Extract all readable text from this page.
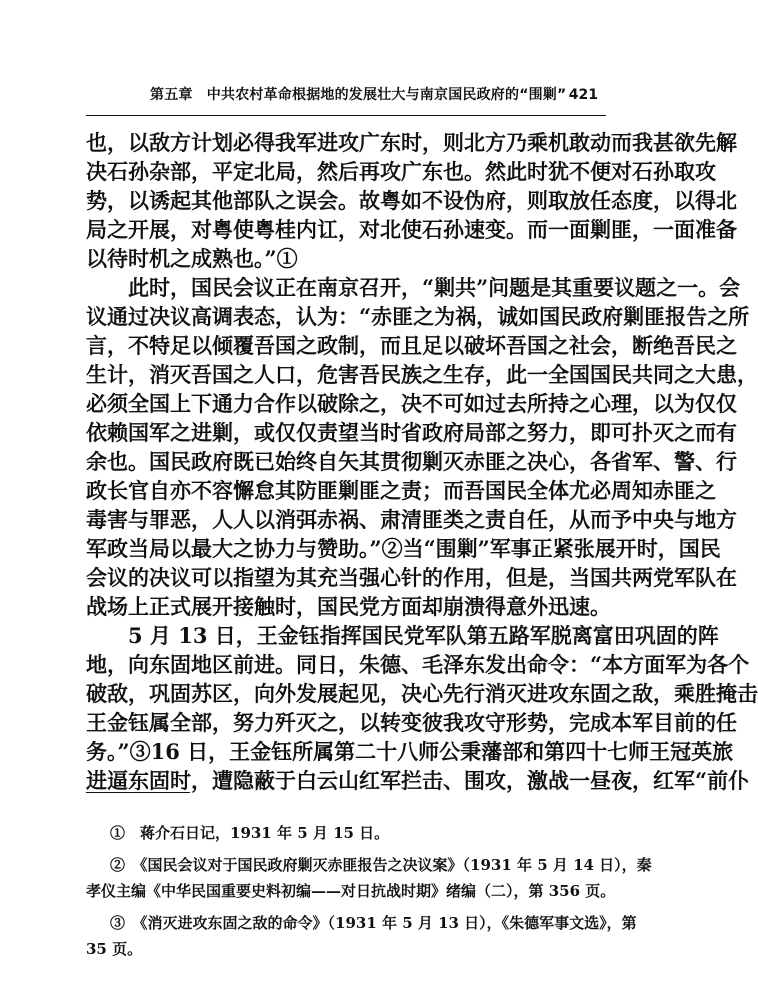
第五章　中共农村革命根据地的发展壮大与南京国民政府的“围剿” 421
也，以敌方计划必得我军进攻广东时，则北方乃乘机敢动而我甚欲先解
决石孙杂部，平定北局，然后再攻广东也。然此时犹不便对石孙取攻
势，以诱起其他部队之误会。故粤如不设伪府，则取放任态度，以得北
局之开展，对粤使粤桂内讧，对北使石孙速变。而一面剿匪，一面准备
以待时机之成熟也。”①
此时，国民会议正在南京召开，“剿共”问题是其重要议题之一。会
议通过决议高调表态，认为：“赤匪之为祸，诚如国民政府剿匪报告之所
言，不特足以倾覆吾国之政制，而且足以破坏吾国之社会，断绝吾民之
生计，消灭吾国之人口，危害吾民族之生存，此一全国国民共同之大患，
必须全国上下通力合作以破除之，决不可如过去所持之心理，以为仅仅
依赖国军之进剿，或仅仅责望当时省政府局部之努力，即可扑灭之而有
余也。国民政府既已始终自矢其贯彻剿灭赤匪之决心，各省军、警、行
政长官自亦不容懈怠其防匪剿匪之责；而吾国民全体尤必周知赤匪之
毒害与罪恶，人人以消弭赤祸、肃清匪类之责自任，从而予中央与地方
军政当局以最大之协力与赞助。”②当“围剿”军事正紧张展开时，国民
会议的决议可以指望为其充当强心针的作用，但是，当国共两党军队在
战场上正式展开接触时，国民党方面却崩溃得意外迅速。
5 月 13 日，王金钰指挥国民党军队第五路军脱离富田巩固的阵
地，向东固地区前进。同日，朱德、毛泽东发出命令：“本方面军为各个
破敌，巩固苏区，向外发展起见，决心先行消灭进攻东固之敌，乘胜掩击
王金钰属全部，努力歼灭之，以转变彼我攻守形势，完成本军目前的任
务。”③16 日，王金钰所属第二十八师公秉藩部和第四十七师王冠英旅
进逼东固时，遭隐蔽于白云山红军拦击、围攻，激战一昼夜，红军“前仆
①　蒋介石日记，1931 年 5 月 15 日。
②　《国民会议对于国民政府剿灭赤匪报告之决议案》（1931 年 5 月 14 日），秦
孝仪主编《中华民国重要史料初编——对日抗战时期》绪编（二），第 356 页。
③　《消灭进攻东固之敌的命令》（1931 年 5 月 13 日），《朱德军事文选》，第
35 页。
